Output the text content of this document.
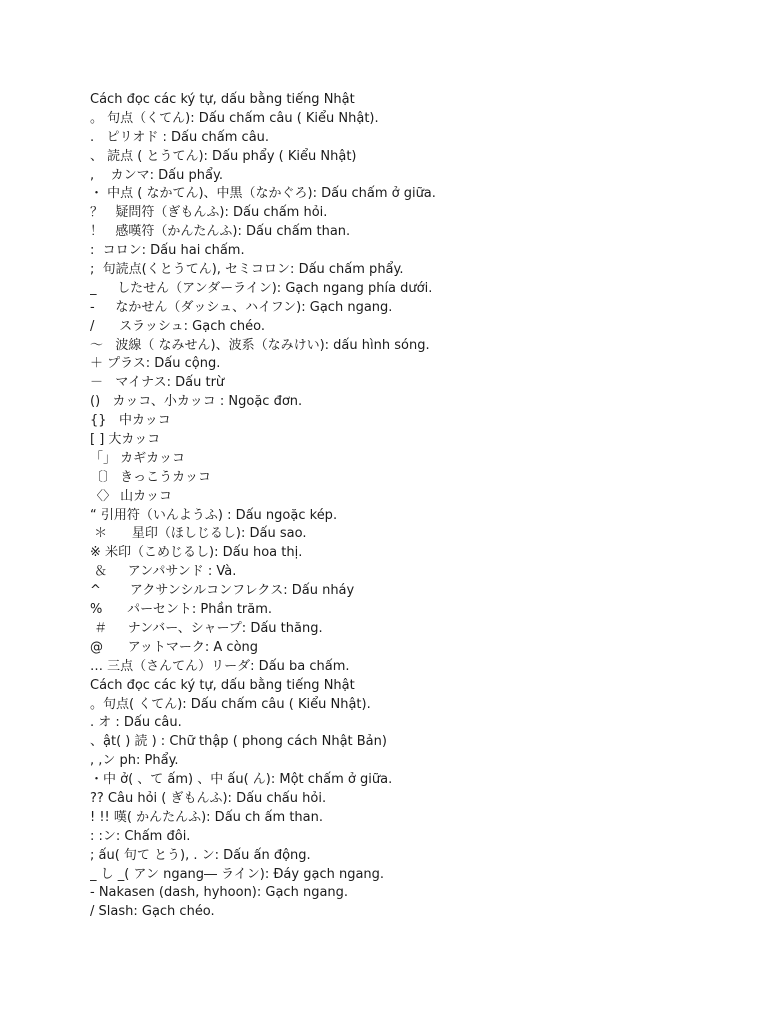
Cách đọc các ký tự, dấu bằng tiếng Nhật
。 句点（くてん): Dấu chấm câu ( Kiểu Nhật).
.   ピリオド : Dấu chấm câu.
、 読点 ( とうてん): Dấu phẩy ( Kiểu Nhật)
,    カンマ: Dấu phẩy.
・ 中点 ( なかてん)、中黒（なかぐろ): Dấu chấm ở giữa.
？   疑問符（ぎもんふ): Dấu chấm hỏi.
！   感嘆符（かんたんふ): Dấu chấm than.
:  コロン: Dấu hai chấm.
;  句読点(くとうてん), セミコロン: Dấu chấm phẩy.
_     したせん（アンダーライン): Gạch ngang phía dưới.
-     なかせん（ダッシュ、ハイフン): Gạch ngang.
/      スラッシュ: Gạch chéo.
～   波線（ なみせん)、波系（なみけい): dấu hình sóng.
＋ プラス: Dấu cộng.
－   マイナス: Dấu trừ
()   カッコ、小カッコ : Ngoặc đơn.
{}   中カッコ
[ ] 大カッコ
「」 カギカッコ
〔〕 きっこうカッコ
〈〉 山カッコ
“ 引用符（いんようふ) : Dấu ngoặc kép.
＊      星印（ほしじるし): Dấu sao.
※ 米印（こめじるし): Dấu hoa thị.
＆     アンパサンド : Và.
^       アクサンシルコンフレクス: Dấu nháy
%      パーセント: Phần trăm.
＃     ナンバー、シャープ: Dấu thăng.
@      アットマーク: A còng
… 三点（さんてん）リーダ: Dấu ba chấm.
Cách đọc các ký tự, dấu bằng tiếng Nhật
。句点( くてん): Dấu chấm câu ( Kiểu Nhật).
. オ : Dấu câu.
、ật( ) 読 ) : Chữ thập ( phong cách Nhật Bản)
, ,ン ph: Phẩy.
・中 ở( 、て ấm) 、中 ấu( ん): Một chấm ở giữa.
?? Câu hỏi ( ぎもんふ): Dấu chấu hỏi.
! !! 嘆( かんたんふ): Dấu ch ấm than.
: :ン: Chấm đôi.
; ấu( 句て とう), . ン: Dấu ấn động.
_ し _( アン ngang― ライン): Đáy gạch ngang.
- Nakasen (dash, hyhoon): Gạch ngang.
/ Slash: Gạch chéo.
